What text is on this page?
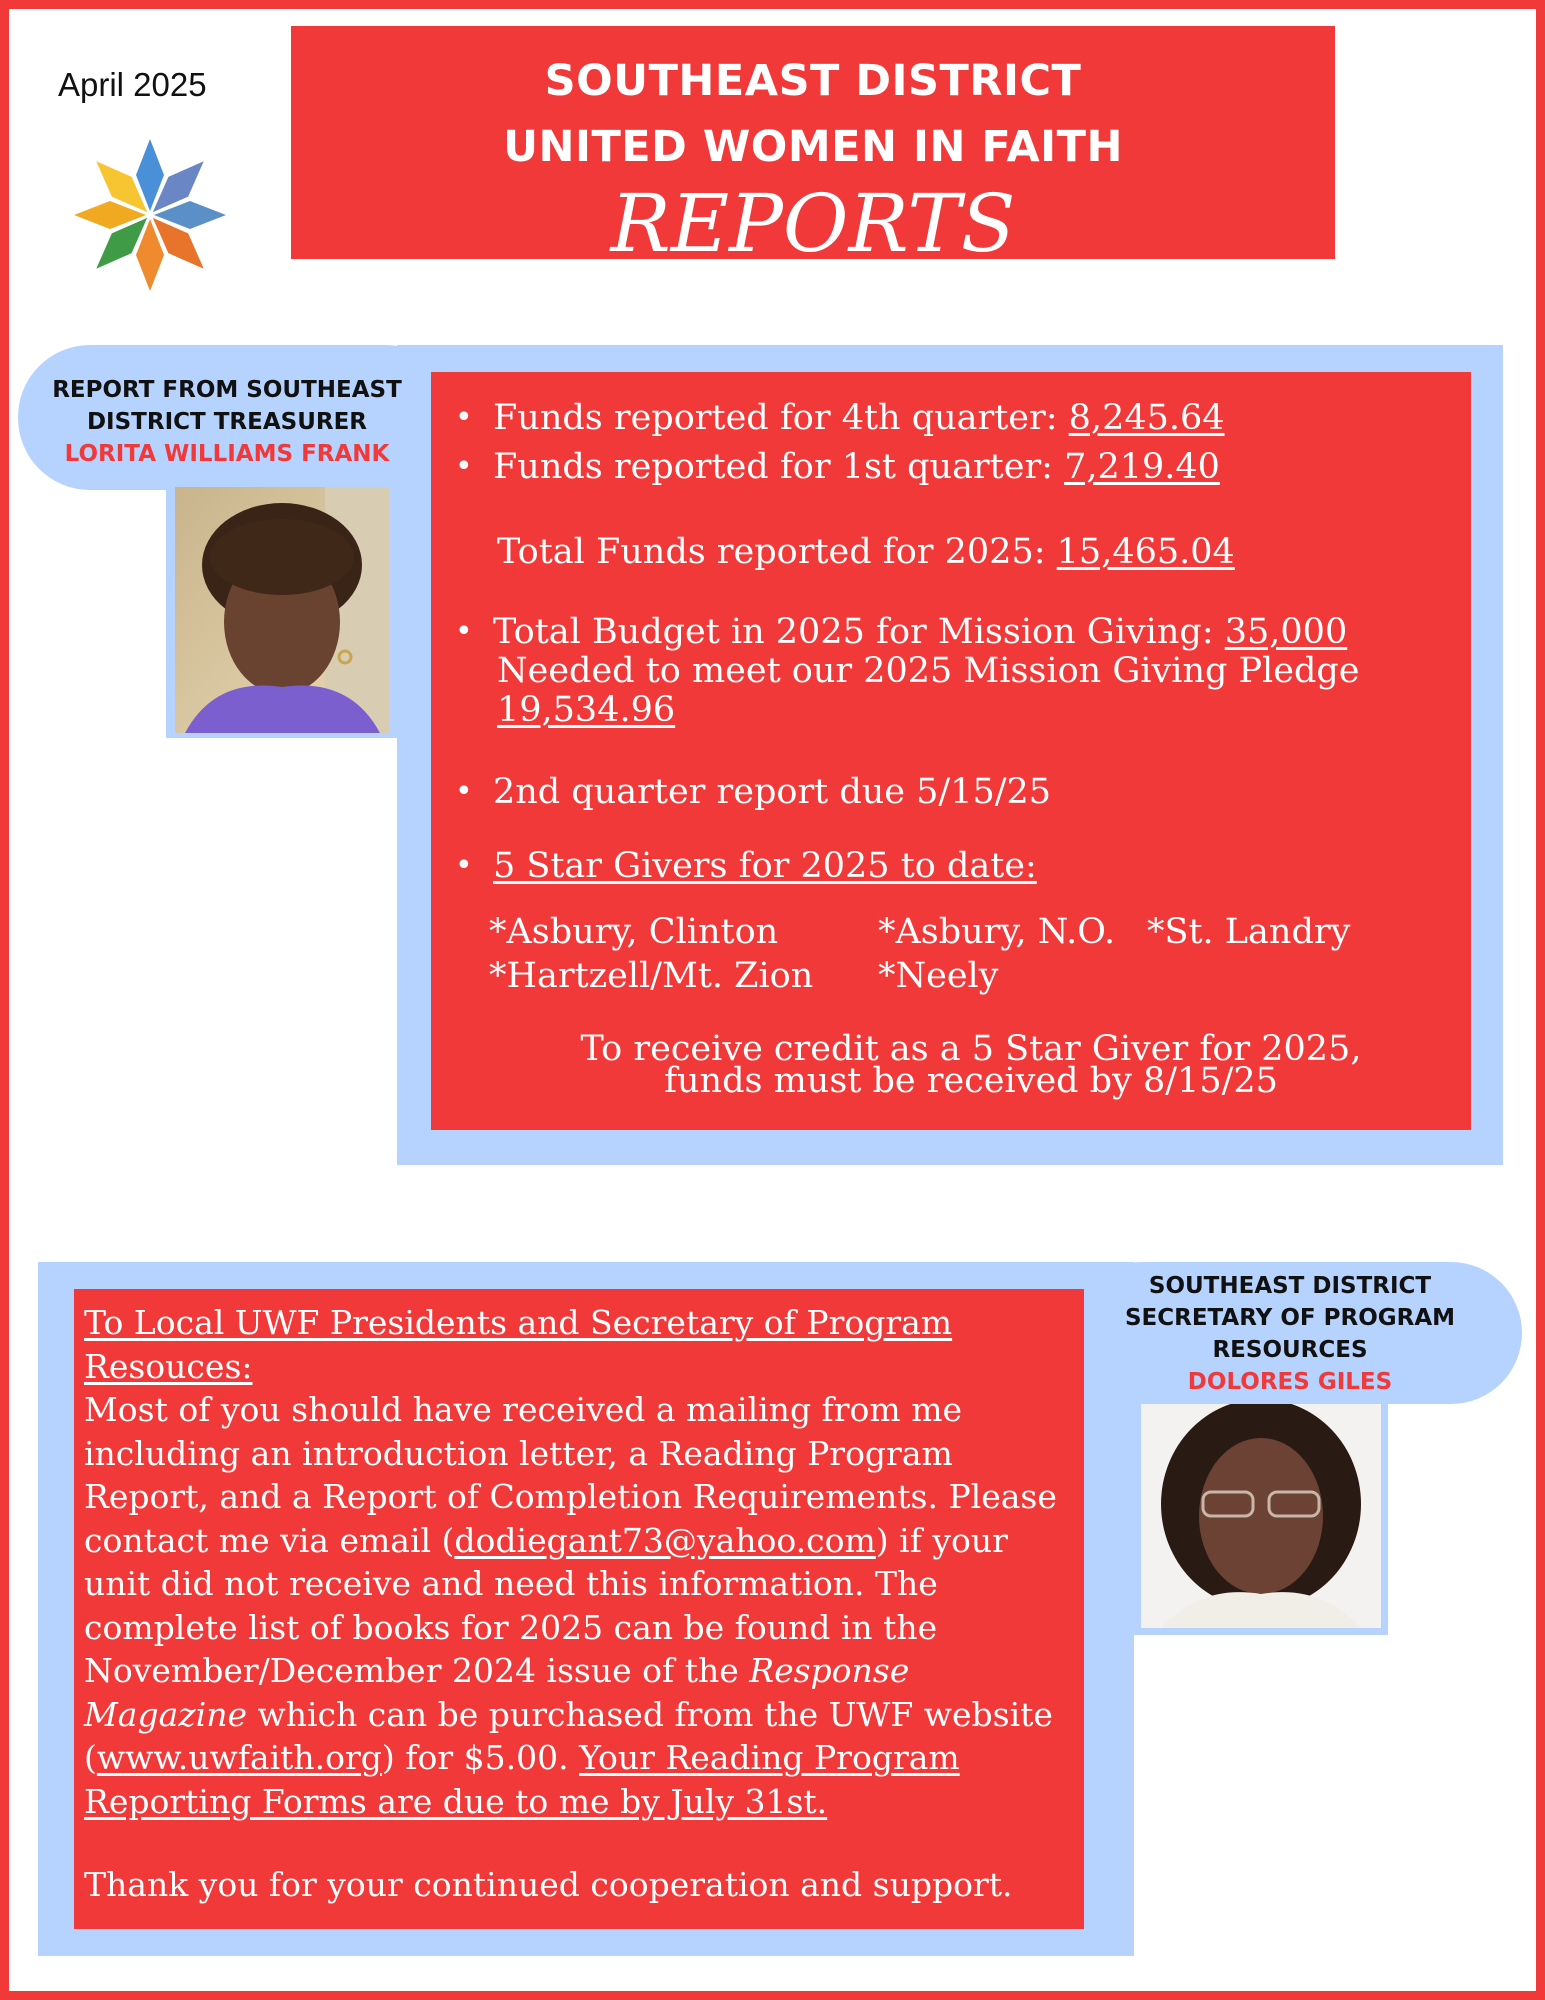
April 2025	SOUTHEAST DISTRICT
UNITED WOMEN IN FAITH
REPORTS
REPORT FROM SOUTHEAST
DISTRICT TREASURER
LORITA WILLIAMS FRANK
• Funds reported for 4th quarter: 8,245.64
• Funds reported for 1st quarter: 7,219.40
Total Funds reported for 2025: 15,465.04
• Total Budget in 2025 for Mission Giving: 35,000
Needed to meet our 2025 Mission Giving Pledge
19,534.96
• 2nd quarter report due 5/15/25
• 5 Star Givers for 2025 to date:
*Asbury, Clinton
*Hartzell/Mt. Zion
*Asbury, N.O.
*Neely
*St. Landry
To receive credit as a 5 Star Giver for 2025,
funds must be received by 8/15/25
SOUTHEAST DISTRICT
SECRETARY OF PROGRAM
RESOURCES
DOLORES GILES
To Local UWF Presidents and Secretary of Program Resouces:
Most of you should have received a mailing from me including an introduction letter, a Reading Program Report, and a Report of Completion Requirements. Please contact me via email (dodiegant73@yahoo.com) if your unit did not receive and need this information. The complete list of books for 2025 can be found in the November/December 2024 issue of the Response Magazine which can be purchased from the UWF website (www.uwfaith.org) for $5.00. Your Reading Program Reporting Forms are due to me by July 31st.
Thank you for your continued cooperation and support.
